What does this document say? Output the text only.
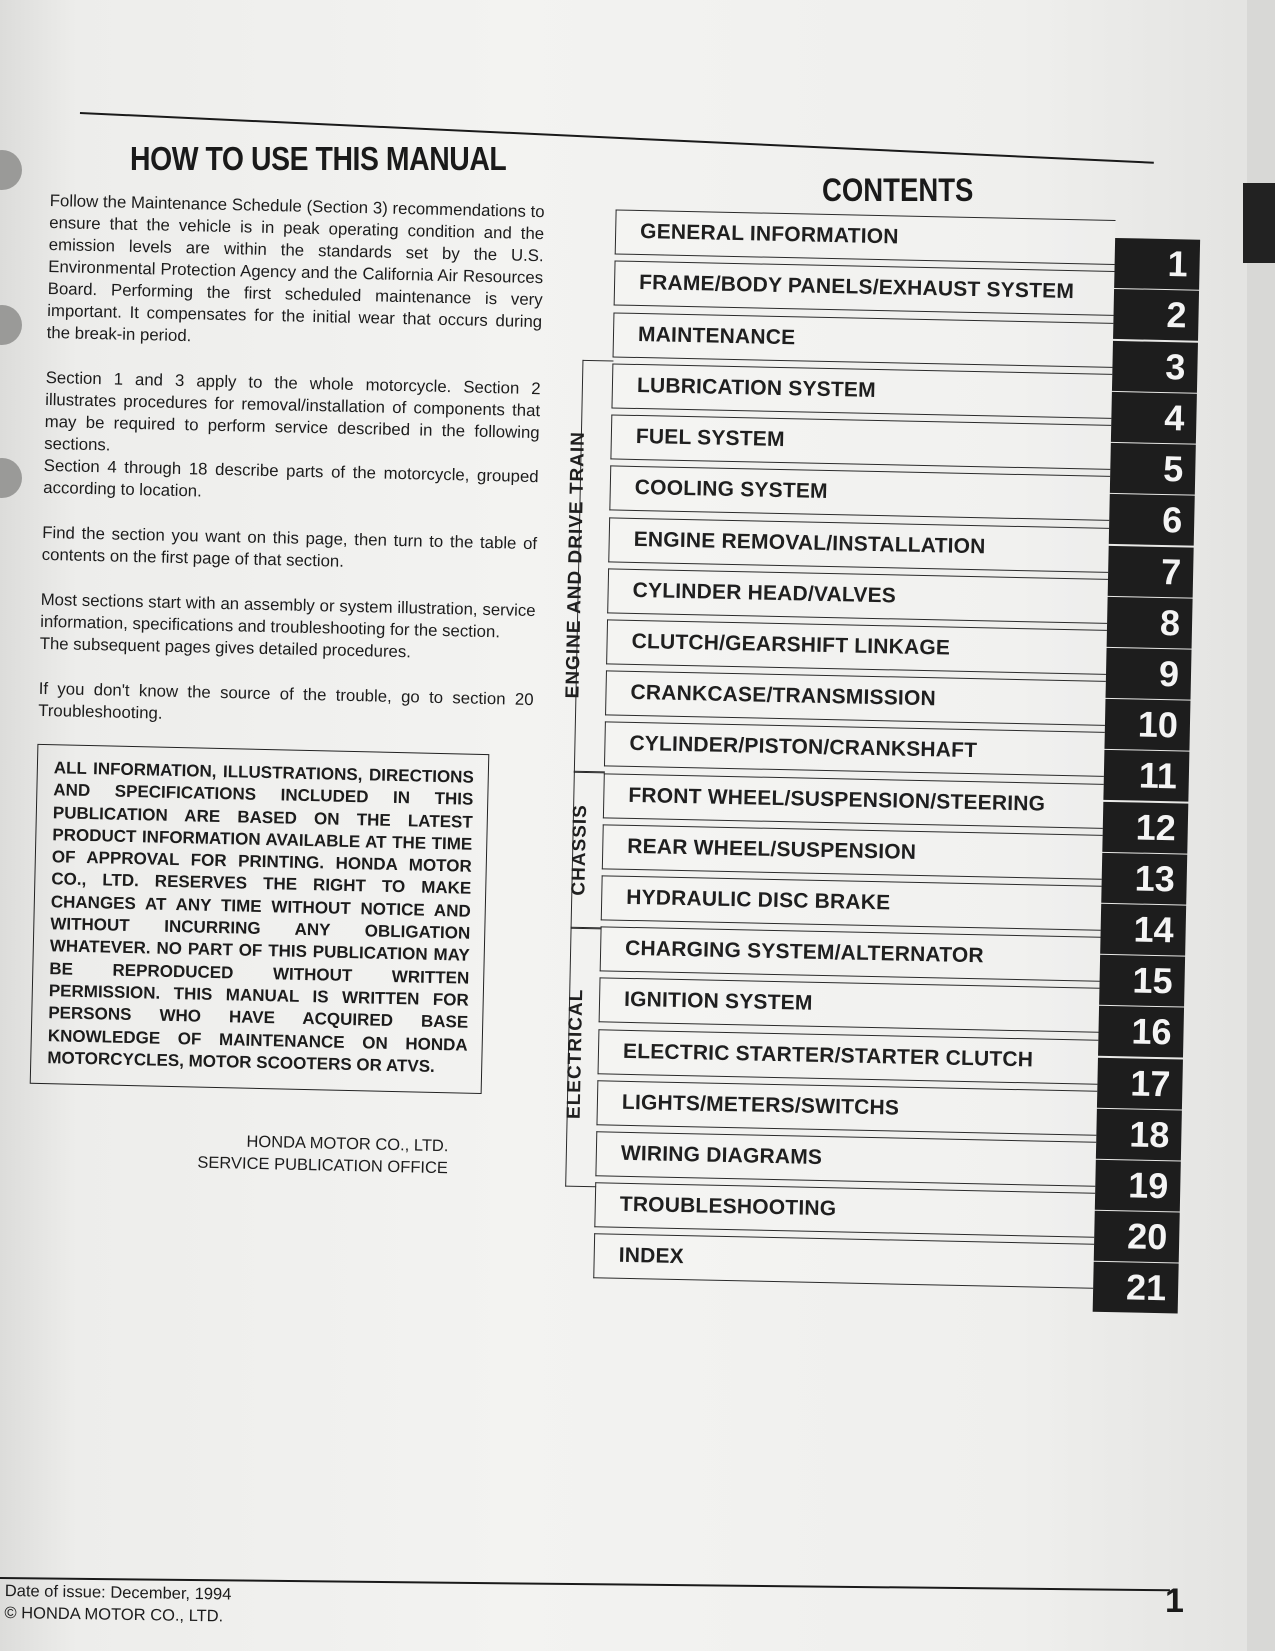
HOW TO USE THIS MANUAL

Follow the Maintenance Schedule (Section 3) recommendations to ensure that the vehicle is in peak operating condition and the emission levels are within the standards set by the U.S. Environmental Protection Agency and the California Air Resources Board. Performing the first scheduled maintenance is very important. It compensates for the initial wear that occurs during the break-in period.

Section 1 and 3 apply to the whole motorcycle. Section 2 illustrates procedures for removal/installation of components that may be required to perform service described in the following sections.

Section 4 through 18 describe parts of the motorcycle, grouped according to location.

Find the section you want on this page, then turn to the table of contents on the first page of that section.

Most sections start with an assembly or system illustration, service information, specifications and troubleshooting for the section.

The subsequent pages gives detailed procedures.

If you don't know the source of the trouble, go to section 20 Troubleshooting.

ALL INFORMATION, ILLUSTRATIONS, DIRECTIONS AND SPECIFICATIONS INCLUDED IN THIS PUBLICATION ARE BASED ON THE LATEST PRODUCT INFORMATION AVAILABLE AT THE TIME OF APPROVAL FOR PRINTING. HONDA MOTOR CO., LTD. RESERVES THE RIGHT TO MAKE CHANGES AT ANY TIME WITHOUT NOTICE AND WITHOUT INCURRING ANY OBLIGATION WHATEVER. NO PART OF THIS PUBLICATION MAY BE REPRODUCED WITHOUT WRITTEN PERMISSION. THIS MANUAL IS WRITTEN FOR PERSONS WHO HAVE ACQUIRED BASE KNOWLEDGE OF MAINTENANCE ON HONDA MOTORCYCLES, MOTOR SCOOTERS OR ATVS.
HONDA MOTOR CO., LTD.
SERVICE PUBLICATION OFFICE
CONTENTS
ENGINE AND DRIVE TRAIN
CHASSIS
ELECTRICAL
GENERAL INFORMATION
1
FRAME/BODY PANELS/EXHAUST SYSTEM
2
MAINTENANCE
3
LUBRICATION SYSTEM
4
FUEL SYSTEM
5
COOLING SYSTEM
6
ENGINE REMOVAL/INSTALLATION
7
CYLINDER HEAD/VALVES
8
CLUTCH/GEARSHIFT LINKAGE
9
CRANKCASE/TRANSMISSION
10
CYLINDER/PISTON/CRANKSHAFT
11
FRONT WHEEL/SUSPENSION/STEERING
12
REAR WHEEL/SUSPENSION
13
HYDRAULIC DISC BRAKE
14
CHARGING SYSTEM/ALTERNATOR
15
IGNITION SYSTEM
16
ELECTRIC STARTER/STARTER CLUTCH
17
LIGHTS/METERS/SWITCHS
18
WIRING DIAGRAMS
19
TROUBLESHOOTING
20
INDEX
21
Date of issue: December, 1994
© HONDA MOTOR CO., LTD.	1
